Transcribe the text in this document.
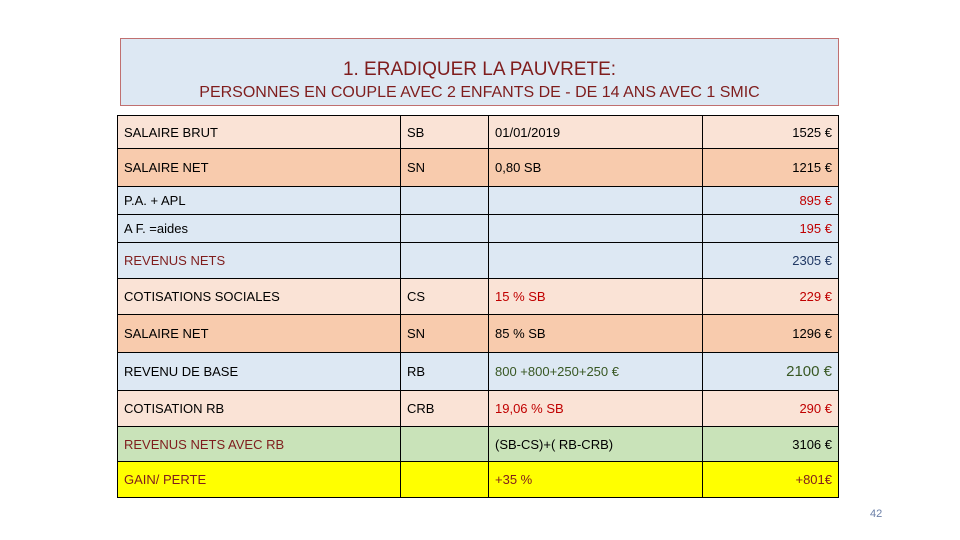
1. ERADIQUER LA PAUVRETE:
PERSONNES EN COUPLE AVEC 2 ENFANTS DE - DE 14 ANS AVEC 1 SMIC
SALAIRE BRUT	SB	01/01/2019	1525 €
SALAIRE NET	SN	0,80 SB	1215 €
P.A. + APL			895 €
A F. =aides			195 €
REVENUS NETS			2305 €
COTISATIONS SOCIALES	CS	15 % SB	229 €
SALAIRE NET	SN	85 % SB	1296 €
REVENU DE BASE	RB	800 +800+250+250 €	2100 €
COTISATION RB	CRB	19,06 % SB	290 €
REVENUS NETS AVEC RB		(SB-CS)+( RB-CRB)	3106 €
GAIN/ PERTE		+35 %	+801€
42
